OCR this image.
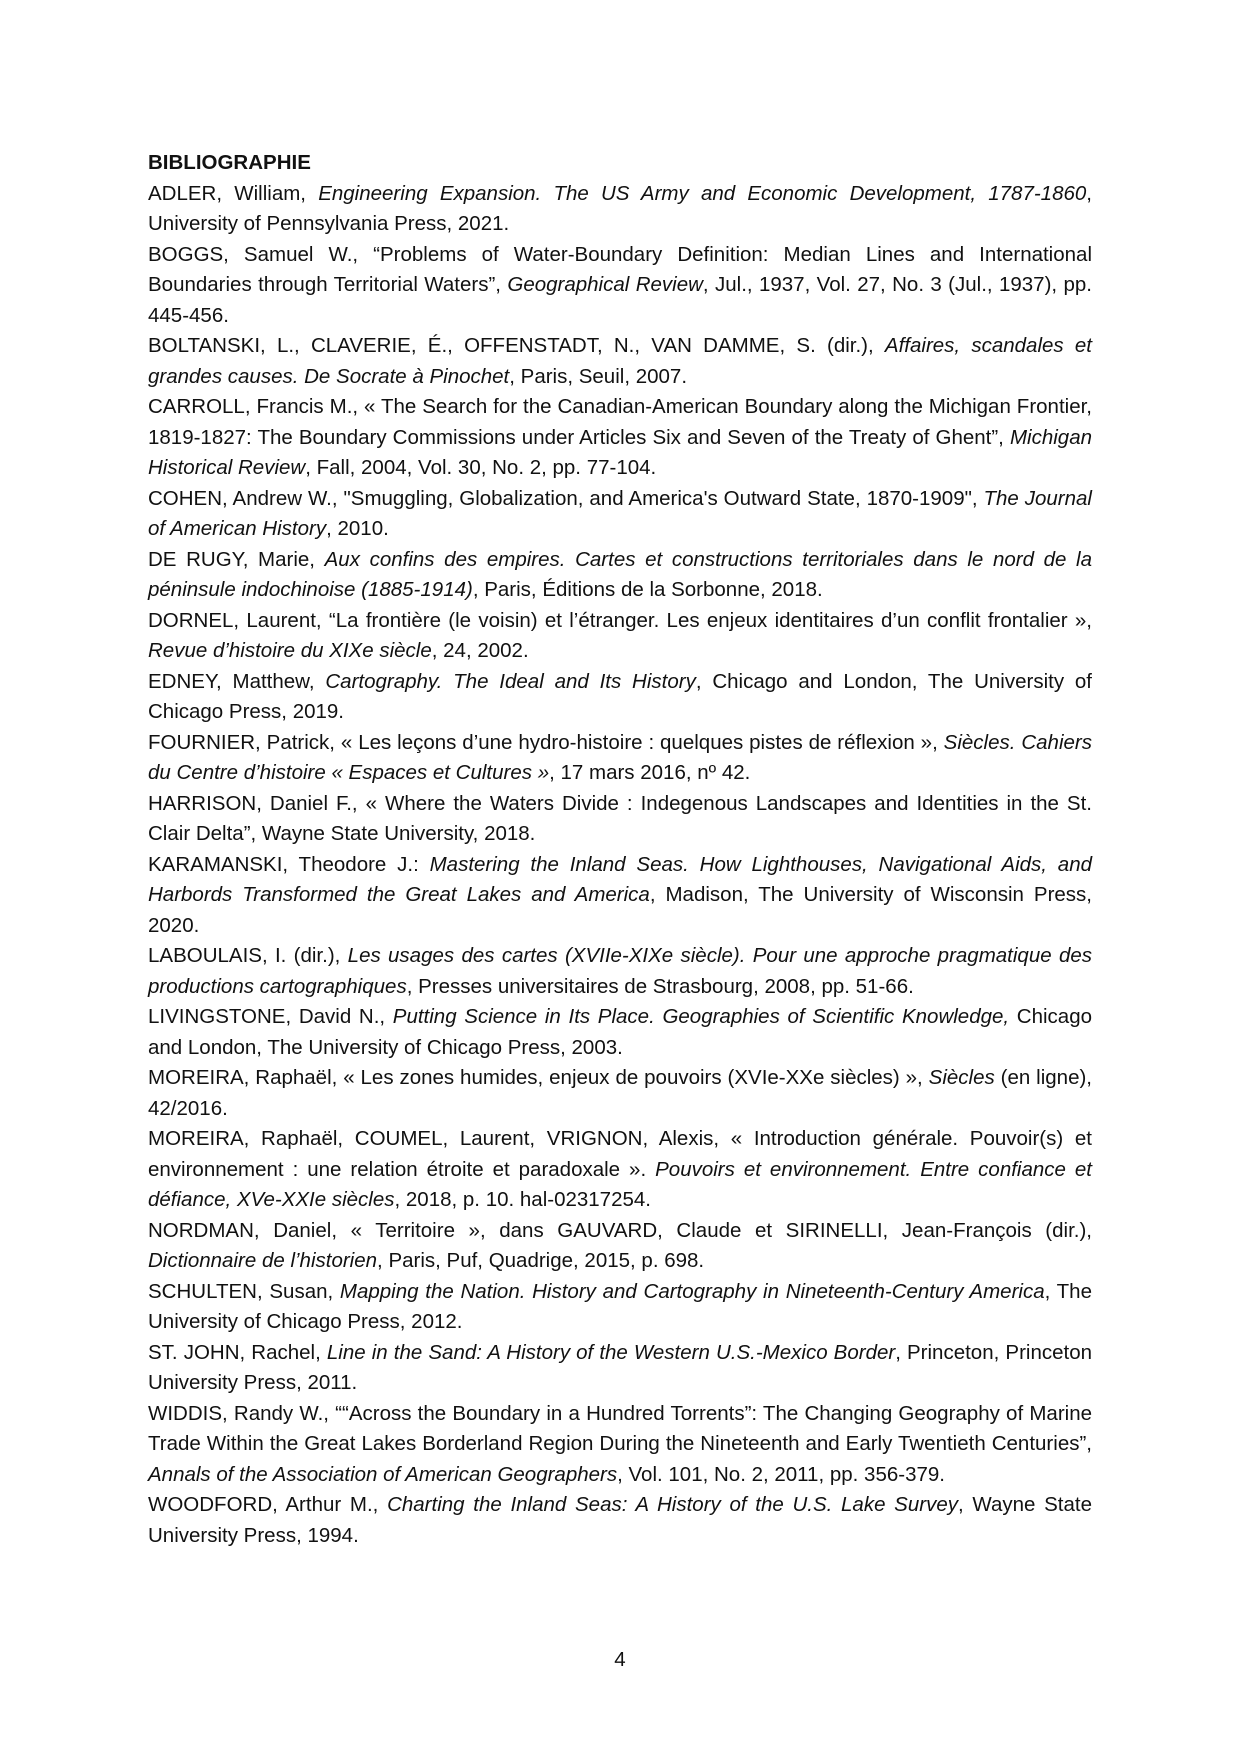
BIBLIOGRAPHIE

ADLER, William, Engineering Expansion. The US Army and Economic Development, 1787-1860, University of Pennsylvania Press, 2021.

BOGGS, Samuel W., “Problems of Water-Boundary Definition: Median Lines and International Boundaries through Territorial Waters”, Geographical Review, Jul., 1937, Vol. 27, No. 3 (Jul., 1937), pp. 445-456.

BOLTANSKI, L., CLAVERIE, É., OFFENSTADT, N., VAN DAMME, S. (dir.), Affaires, scandales et grandes causes. De Socrate à Pinochet, Paris, Seuil, 2007.

CARROLL, Francis M., « The Search for the Canadian-American Boundary along the Michigan Frontier, 1819-1827: The Boundary Commissions under Articles Six and Seven of the Treaty of Ghent”, Michigan Historical Review, Fall, 2004, Vol. 30, No. 2, pp. 77-104.

COHEN, Andrew W., "Smuggling, Globalization, and America's Outward State, 1870-1909", The Journal of American History, 2010.

DE RUGY, Marie, Aux confins des empires. Cartes et constructions territoriales dans le nord de la péninsule indochinoise (1885-1914), Paris, Éditions de la Sorbonne, 2018.

DORNEL, Laurent, “La frontière (le voisin) et l’étranger. Les enjeux identitaires d’un conflit frontalier », Revue d’histoire du XIXe siècle, 24, 2002.

EDNEY, Matthew, Cartography. The Ideal and Its History, Chicago and London, The University of Chicago Press, 2019.

FOURNIER, Patrick, « Les leçons d’une hydro-histoire : quelques pistes de réflexion », Siècles. Cahiers du Centre d’histoire « Espaces et Cultures », 17 mars 2016, nº 42.

HARRISON, Daniel F., « Where the Waters Divide : Indegenous Landscapes and Identities in the St. Clair Delta”, Wayne State University, 2018.

KARAMANSKI, Theodore J.: Mastering the Inland Seas. How Lighthouses, Navigational Aids, and Harbords Transformed the Great Lakes and America, Madison, The University of Wisconsin Press, 2020.

LABOULAIS, I. (dir.), Les usages des cartes (XVIIe-XIXe siècle). Pour une approche pragmatique des productions cartographiques, Presses universitaires de Strasbourg, 2008, pp. 51-66.

LIVINGSTONE, David N., Putting Science in Its Place. Geographies of Scientific Knowledge, Chicago and London, The University of Chicago Press, 2003.

MOREIRA, Raphaël, « Les zones humides, enjeux de pouvoirs (XVIe-XXe siècles) », Siècles (en ligne), 42/2016.

MOREIRA, Raphaël, COUMEL, Laurent, VRIGNON, Alexis, « Introduction générale. Pouvoir(s) et environnement : une relation étroite et paradoxale ». Pouvoirs et environnement. Entre confiance et défiance, XVe-XXIe siècles, 2018, p. 10. hal-02317254.

NORDMAN, Daniel, « Territoire », dans GAUVARD, Claude et SIRINELLI, Jean-François (dir.), Dictionnaire de l’historien, Paris, Puf, Quadrige, 2015, p. 698.

SCHULTEN, Susan, Mapping the Nation. History and Cartography in Nineteenth-Century America, The University of Chicago Press, 2012.

ST. JOHN, Rachel, Line in the Sand: A History of the Western U.S.-Mexico Border, Princeton, Princeton University Press, 2011.

WIDDIS, Randy W., ““Across the Boundary in a Hundred Torrents”: The Changing Geography of Marine Trade Within the Great Lakes Borderland Region During the Nineteenth and Early Twentieth Centuries”, Annals of the Association of American Geographers, Vol. 101, No. 2, 2011, pp. 356-379.

WOODFORD, Arthur M., Charting the Inland Seas: A History of the U.S. Lake Survey, Wayne State University Press, 1994.

4
